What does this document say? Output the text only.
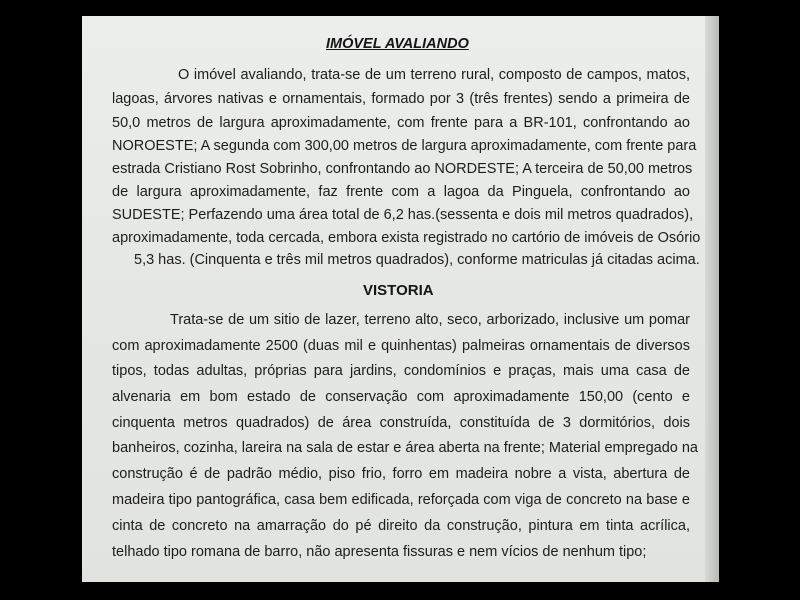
IMÓVEL AVALIANDO
O imóvel avaliando, trata-se de um terreno rural, composto de campos, matos,
lagoas, árvores nativas e ornamentais, formado por 3 (três frentes) sendo a primeira de
50,0 metros de largura aproximadamente, com frente para a BR-101, confrontando ao
NOROESTE; A segunda com 300,00 metros de largura aproximadamente, com frente para
estrada Cristiano Rost Sobrinho, confrontando ao NORDESTE; A terceira de 50,00 metros
de largura aproximadamente, faz frente com a lagoa da Pinguela, confrontando ao
SUDESTE; Perfazendo uma área total de 6,2 has.(sessenta e dois mil metros quadrados),
aproximadamente, toda cercada, embora exista registrado no cartório de imóveis de Osório
5,3 has. (Cinquenta e três mil metros quadrados), conforme matriculas já citadas acima.
VISTORIA
Trata-se de um sitio de lazer, terreno alto, seco, arborizado, inclusive um pomar
com aproximadamente 2500 (duas mil e quinhentas) palmeiras ornamentais de diversos
tipos, todas adultas, próprias para jardins, condomínios e praças, mais uma casa de
alvenaria em bom estado de conservação com aproximadamente 150,00 (cento e
cinquenta metros quadrados) de área construída, constituída de 3 dormitórios, dois
banheiros, cozinha, lareira na sala de estar e área aberta na frente; Material empregado na
construção é de padrão médio, piso frio, forro em madeira nobre a vista, abertura de
madeira tipo pantográfica, casa bem edificada, reforçada com viga de concreto na base e
cinta de concreto na amarração do pé direito da construção, pintura em tinta acrílica,
telhado tipo romana de barro, não apresenta fissuras e nem vícios de nenhum tipo;
